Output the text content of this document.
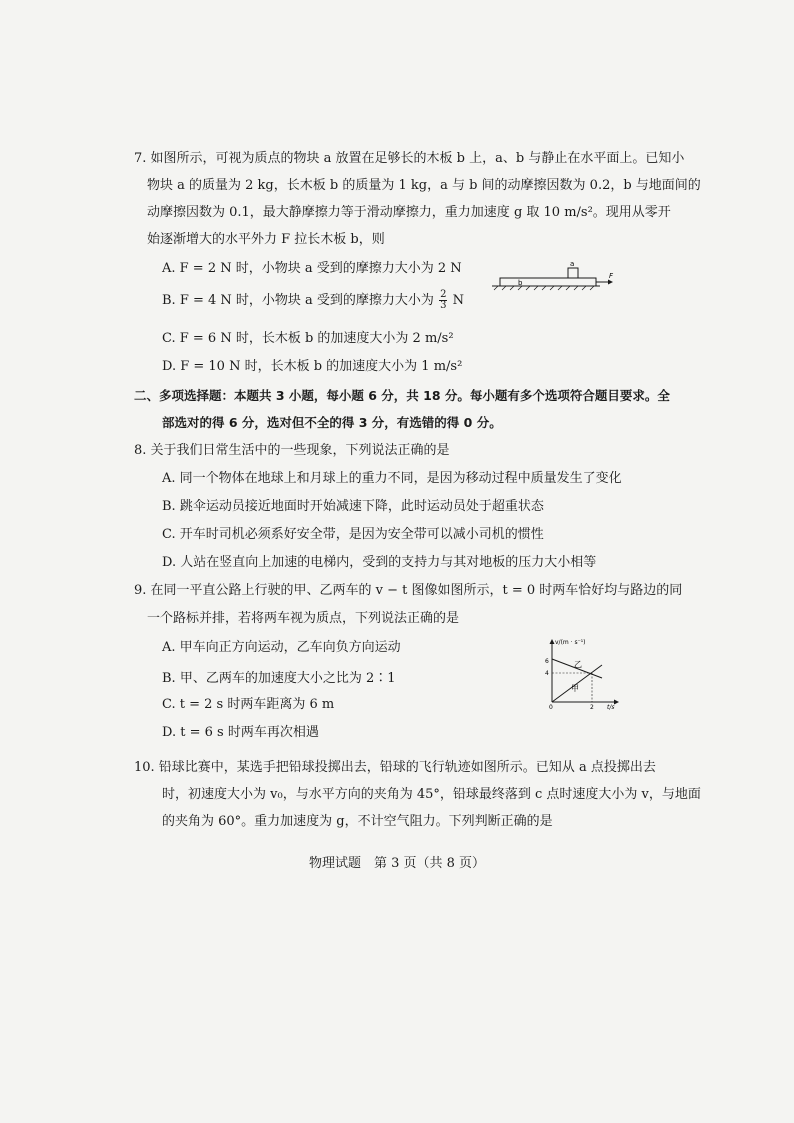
7. 如图所示，可视为质点的物块 a 放置在足够长的木板 b 上，a、b 与静止在水平面上。已知小
物块 a 的质量为 2 kg，长木板 b 的质量为 1 kg，a 与 b 间的动摩擦因数为 0.2，b 与地面间的
动摩擦因数为 0.1，最大静摩擦力等于滑动摩擦力，重力加速度 g 取 10 m/s²。现用从零开
始逐渐增大的水平外力 F 拉长木板 b，则
A. F = 2 N 时，小物块 a 受到的摩擦力大小为 2 N
B. F = 4 N 时，小物块 a 受到的摩擦力大小为 $\frac{2}{3}$ N
C. F = 6 N 时，长木板 b 的加速度大小为 2 m/s²
D. F = 10 N 时，长木板 b 的加速度大小为 1 m/s²
a
b
F
二、多项选择题：本题共 3 小题，每小题 6 分，共 18 分。每小题有多个选项符合题目要求。全
部选对的得 6 分，选对但不全的得 3 分，有选错的得 0 分。
8. 关于我们日常生活中的一些现象，下列说法正确的是
A. 同一个物体在地球上和月球上的重力不同，是因为移动过程中质量发生了变化
B. 跳伞运动员接近地面时开始减速下降，此时运动员处于超重状态
C. 开车时司机必须系好安全带，是因为安全带可以减小司机的惯性
D. 人站在竖直向上加速的电梯内，受到的支持力与其对地板的压力大小相等
9. 在同一平直公路上行驶的甲、乙两车的 v − t 图像如图所示，t = 0 时两车恰好均与路边的同
一个路标并排，若将两车视为质点，下列说法正确的是
A. 甲车向正方向运动，乙车向负方向运动
B. 甲、乙两车的加速度大小之比为 2∶1
C. t = 2 s 时两车距离为 6 m
D. t = 6 s 时两车再次相遇
v/(m · s⁻¹)
t/s
6
4
0	2
乙
甲
10. 铅球比赛中，某选手把铅球投掷出去，铅球的飞行轨迹如图所示。已知从 a 点投掷出去
时，初速度大小为 v₀，与水平方向的夹角为 45°，铅球最终落到 c 点时速度大小为 v，与地面
的夹角为 60°。重力加速度为 g，不计空气阻力。下列判断正确的是
物理试题　第 3 页（共 8 页）
